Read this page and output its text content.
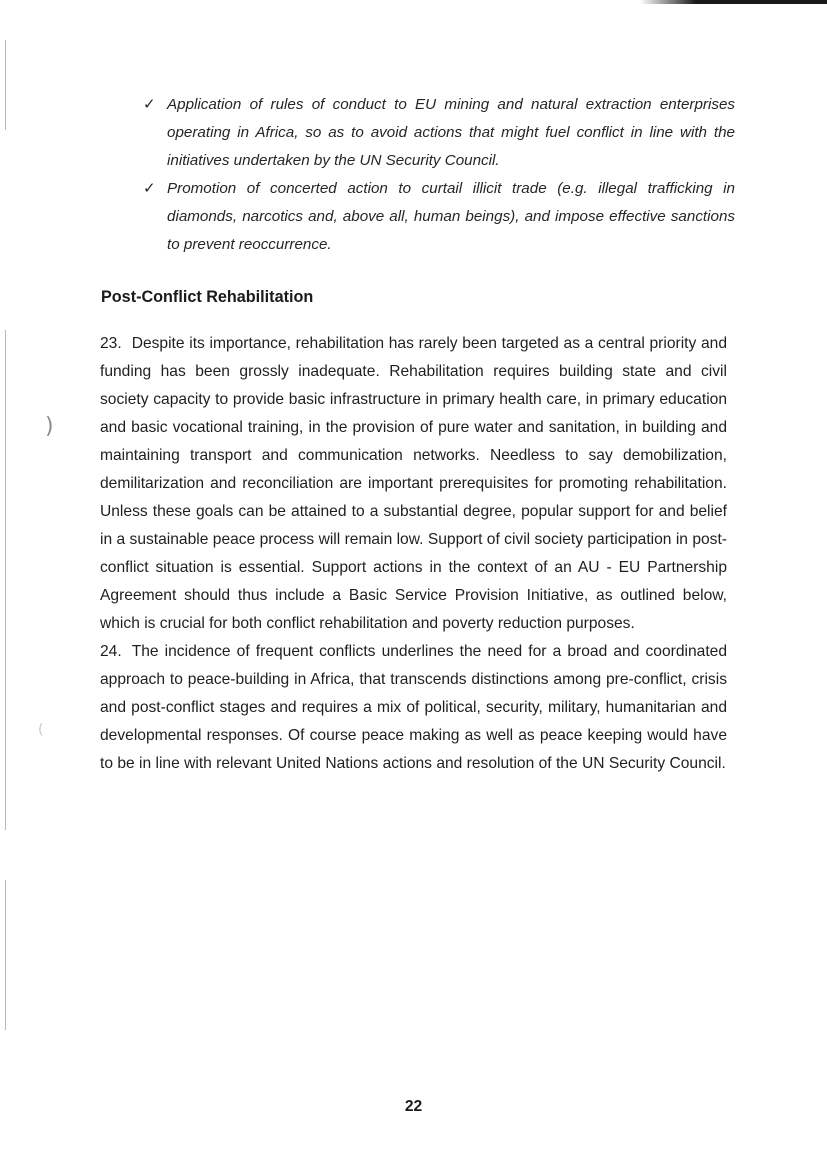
)
(
✓ Application of rules of conduct to EU mining and natural extraction enterprises operating in Africa, so as to avoid actions that might fuel conflict in line with the initiatives undertaken by the UN Security Council.
✓ Promotion of concerted action to curtail illicit trade (e.g. illegal trafficking in diamonds, narcotics and, above all, human beings), and impose effective sanctions to prevent reoccurrence.
Post-Conflict Rehabilitation

23. Despite its importance, rehabilitation has rarely been targeted as a central priority and funding has been grossly inadequate. Rehabilitation requires building state and civil society capacity to provide basic infrastructure in primary health care, in primary education and basic vocational training, in the provision of pure water and sanitation, in building and maintaining transport and communication networks. Needless to say demobilization, demilitarization and reconciliation are important prerequisites for promoting rehabilitation. Unless these goals can be attained to a substantial degree, popular support for and belief in a sustainable peace process will remain low. Support of civil society participation in post-conflict situation is essential. Support actions in the context of an AU - EU Partnership Agreement should thus include a Basic Service Provision Initiative, as outlined below, which is crucial for both conflict rehabilitation and poverty reduction purposes.

24. The incidence of frequent conflicts underlines the need for a broad and coordinated approach to peace-building in Africa, that transcends distinctions among pre-conflict, crisis and post-conflict stages and requires a mix of political, security, military, humanitarian and developmental responses. Of course peace making as well as peace keeping would have to be in line with relevant United Nations actions and resolution of the UN Security Council.

22
